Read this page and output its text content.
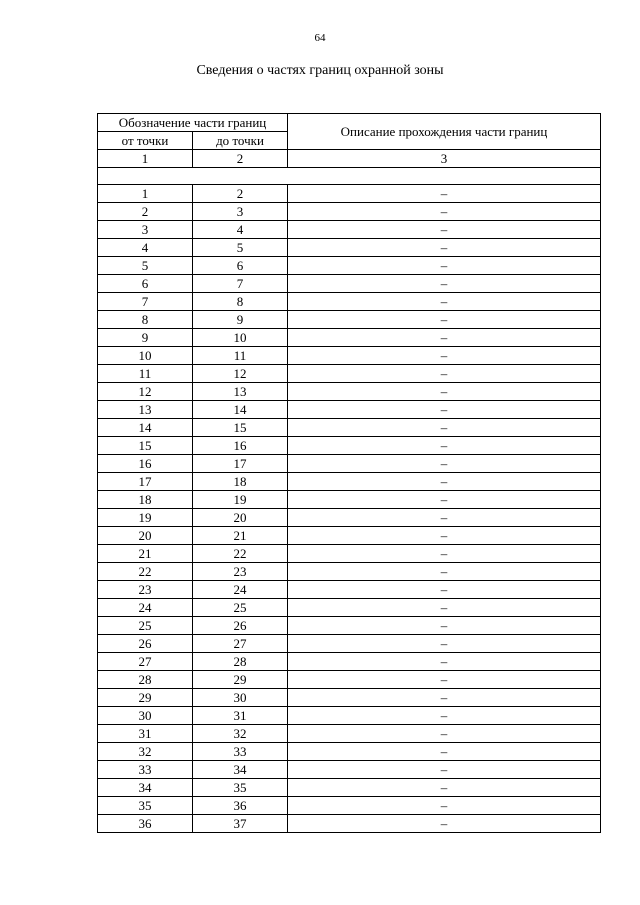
64
Сведения о частях границ охранной зоны
Обозначение части границ		Описание прохождения части границ
от точки	до точки	
1	2	3

1	2	–
2	3	–
3	4	–
4	5	–
5	6	–
6	7	–
7	8	–
8	9	–
9	10	–
10	11	–
11	12	–
12	13	–
13	14	–
14	15	–
15	16	–
16	17	–
17	18	–
18	19	–
19	20	–
20	21	–
21	22	–
22	23	–
23	24	–
24	25	–
25	26	–
26	27	–
27	28	–
28	29	–
29	30	–
30	31	–
31	32	–
32	33	–
33	34	–
34	35	–
35	36	–
36	37	–
